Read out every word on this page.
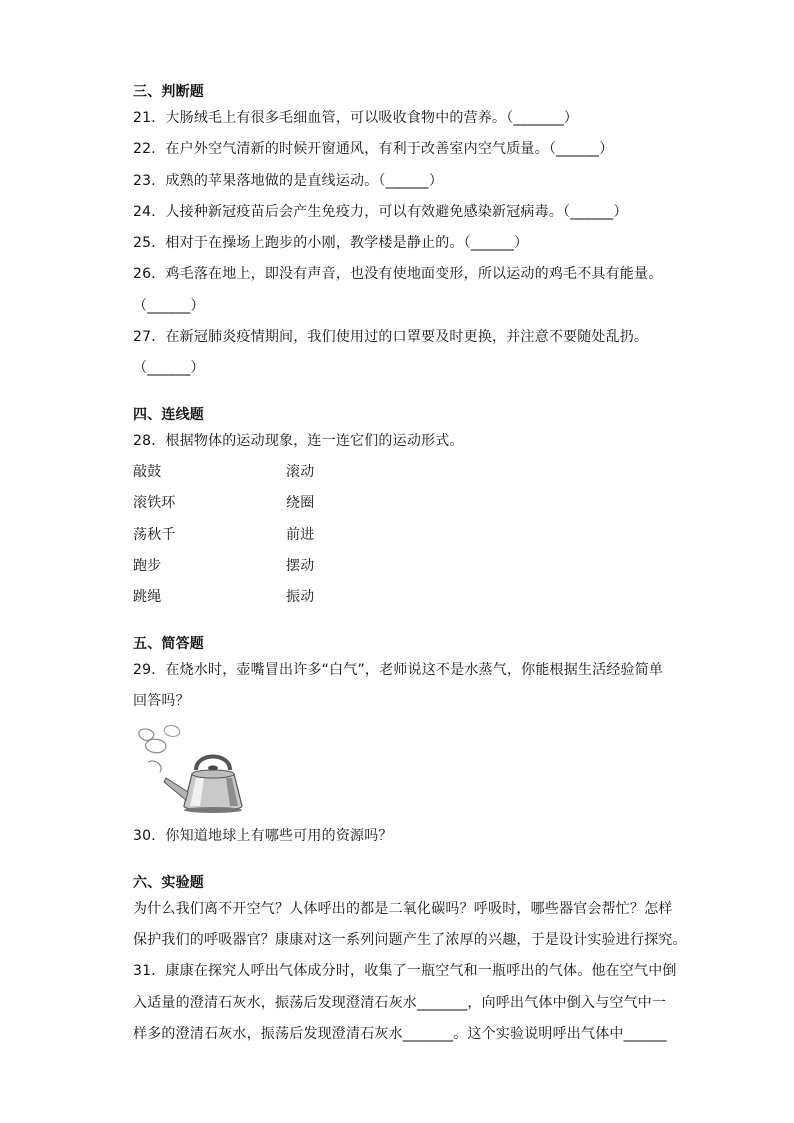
三、判断题
21．大肠绒毛上有很多毛细血管，可以吸收食物中的营养。（_______）
22．在户外空气清新的时候开窗通风，有利于改善室内空气质量。（______）
23．成熟的苹果落地做的是直线运动。（______）
24．人接种新冠疫苗后会产生免疫力，可以有效避免感染新冠病毒。（______）
25．相对于在操场上跑步的小刚，教学楼是静止的。（______）
26．鸡毛落在地上，即没有声音，也没有使地面变形，所以运动的鸡毛不具有能量。
（______）
27．在新冠肺炎疫情期间，我们使用过的口罩要及时更换，并注意不要随处乱扔。
（______）
四、连线题
28．根据物体的运动现象，连一连它们的运动形式。
敲鼓	滚动
滚铁环	绕圈
荡秋千	前进
跑步	摆动
跳绳	振动
五、简答题
29．在烧水时，壶嘴冒出许多“白气”，老师说这不是水蒸气，你能根据生活经验简单
回答吗？
30．你知道地球上有哪些可用的资源吗？
六、实验题
为什么我们离不开空气？人体呼出的都是二氧化碳吗？呼吸时，哪些器官会帮忙？怎样
保护我们的呼吸器官？康康对这一系列问题产生了浓厚的兴趣，于是设计实验进行探究。
31．康康在探究人呼出气体成分时，收集了一瓶空气和一瓶呼出的气体。他在空气中倒
入适量的澄清石灰水，振荡后发现澄清石灰水_______，向呼出气体中倒入与空气中一
样多的澄清石灰水，振荡后发现澄清石灰水_______。这个实验说明呼出气体中______
